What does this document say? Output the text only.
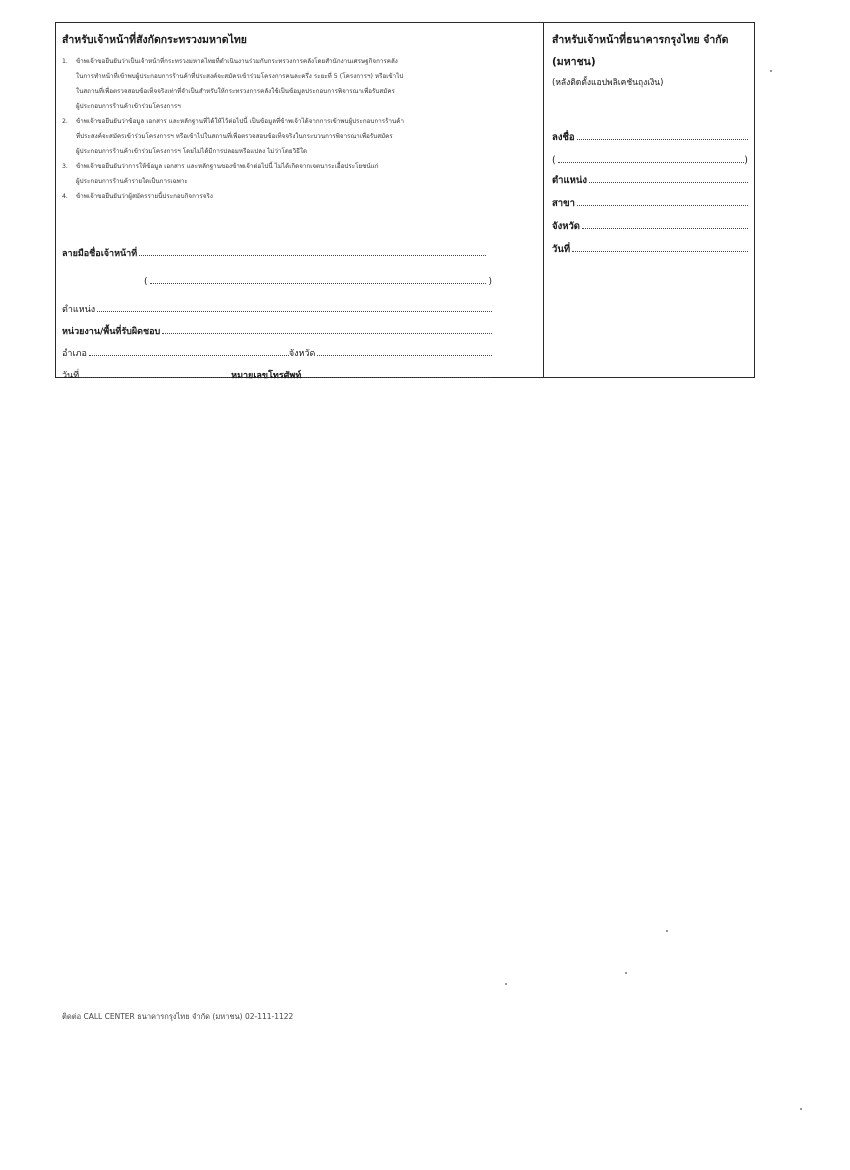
สำหรับเจ้าหน้าที่สังกัดกระทรวงมหาดไทย
1.	ข้าพเจ้าขอยืนยันว่าเป็นเจ้าหน้าที่กระทรวงมหาดไทยที่ดำเนินงานร่วมกับกระทรวงการคลังโดยสำนักงานเศรษฐกิจการคลัง
ในการทำหน้าที่เข้าพบผู้ประกอบการร้านค้าที่ประสงค์จะสมัครเข้าร่วมโครงการคนละครึ่ง ระยะที่ 5 (โครงการฯ) หรือเข้าไป
ในสถานที่เพื่อตรวจสอบข้อเท็จจริงเท่าที่จำเป็นสำหรับให้กระทรวงการคลังใช้เป็นข้อมูลประกอบการพิจารณาเพื่อรับสมัคร
ผู้ประกอบการร้านค้าเข้าร่วมโครงการฯ
2.	ข้าพเจ้าขอยืนยันว่าข้อมูล เอกสาร และหลักฐานที่ได้ให้ไว้ต่อไปนี้ เป็นข้อมูลที่ข้าพเจ้าได้จากการเข้าพบผู้ประกอบการร้านค้า
ที่ประสงค์จะสมัครเข้าร่วมโครงการฯ หรือเข้าไปในสถานที่เพื่อตรวจสอบข้อเท็จจริงในกระบวนการพิจารณาเพื่อรับสมัคร
ผู้ประกอบการร้านค้าเข้าร่วมโครงการฯ โดยไม่ได้มีการปลอมหรือแปลง ไม่ว่าโดยวิธีใด
3.	ข้าพเจ้าขอยืนยันว่าการให้ข้อมูล เอกสาร และหลักฐานของข้าพเจ้าต่อไปนี้ ไม่ได้เกิดจากเจตนาระเอื้อประโยชน์แก่
ผู้ประกอบการร้านค้ารายใดเป็นการเฉพาะ
4.	ข้าพเจ้าขอยืนยันว่าผู้สมัครรายนี้ประกอบกิจการจริง
ลายมือชื่อเจ้าหน้าที่
(	)
ตำแหน่ง
หน่วยงาน/พื้นที่รับผิดชอบ
อำเภอ	จังหวัด
วันที่	หมายเลขโทรศัพท์
สำหรับเจ้าหน้าที่ธนาคารกรุงไทย จำกัด
(มหาชน)
(หลังติดตั้งแอปพลิเคชันถุงเงิน)
ลงชื่อ
(	)
ตำแหน่ง
สาขา
จังหวัด
วันที่
ติดต่อ CALL CENTER ธนาคารกรุงไทย จำกัด (มหาชน) 02-111-1122
